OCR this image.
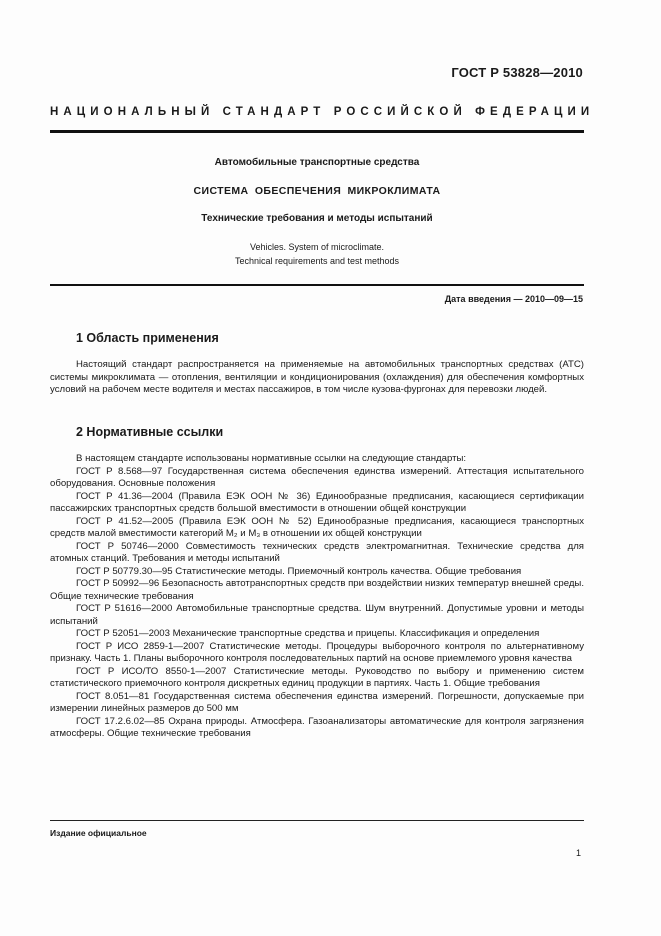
ГОСТ Р 53828—2010
НАЦИОНАЛЬНЫЙ СТАНДАРТ РОССИЙСКОЙ ФЕДЕРАЦИИ
Автомобильные транспортные средства
СИСТЕМА ОБЕСПЕЧЕНИЯ МИКРОКЛИМАТА
Технические требования и методы испытаний
Vehicles. System of microclimate.
Technical requirements and test methods
Дата введения — 2010—09—15
1 Область применения

Настоящий стандарт распространяется на применяемые на автомобильных транспортных средствах (АТС) системы микроклимата — отопления, вентиляции и кондиционирования (охлаждения) для обеспечения комфортных условий на рабочем месте водителя и местах пассажиров, в том числе кузова-фургонах для перевозки людей.

2 Нормативные ссылки

В настоящем стандарте использованы нормативные ссылки на следующие стандарты:

ГОСТ Р 8.568—97 Государственная система обеспечения единства измерений. Аттестация испытательного оборудования. Основные положения

ГОСТ Р 41.36—2004 (Правила ЕЭК ООН № 36) Единообразные предписания, касающиеся сертификации пассажирских транспортных средств большой вместимости в отношении общей конструкции

ГОСТ Р 41.52—2005 (Правила ЕЭК ООН № 52) Единообразные предписания, касающиеся транспортных средств малой вместимости категорий М₂ и М₃ в отношении их общей конструкции

ГОСТ Р 50746—2000 Совместимость технических средств электромагнитная. Технические средства для атомных станций. Требования и методы испытаний

ГОСТ Р 50779.30—95 Статистические методы. Приемочный контроль качества. Общие требования

ГОСТ Р 50992—96 Безопасность автотранспортных средств при воздействии низких температур внешней среды. Общие технические требования

ГОСТ Р 51616—2000 Автомобильные транспортные средства. Шум внутренний. Допустимые уровни и методы испытаний

ГОСТ Р 52051—2003 Механические транспортные средства и прицепы. Классификация и определения

ГОСТ Р ИСО 2859-1—2007 Статистические методы. Процедуры выборочного контроля по альтернативному признаку. Часть 1. Планы выборочного контроля последовательных партий на основе приемлемого уровня качества

ГОСТ Р ИСО/ТО 8550-1—2007 Статистические методы. Руководство по выбору и применению систем статистического приемочного контроля дискретных единиц продукции в партиях. Часть 1. Общие требования

ГОСТ 8.051—81 Государственная система обеспечения единства измерений. Погрешности, допускаемые при измерении линейных размеров до 500 мм

ГОСТ 17.2.6.02—85 Охрана природы. Атмосфера. Газоанализаторы автоматические для контроля загрязнения атмосферы. Общие технические требования

Издание официальное
1
